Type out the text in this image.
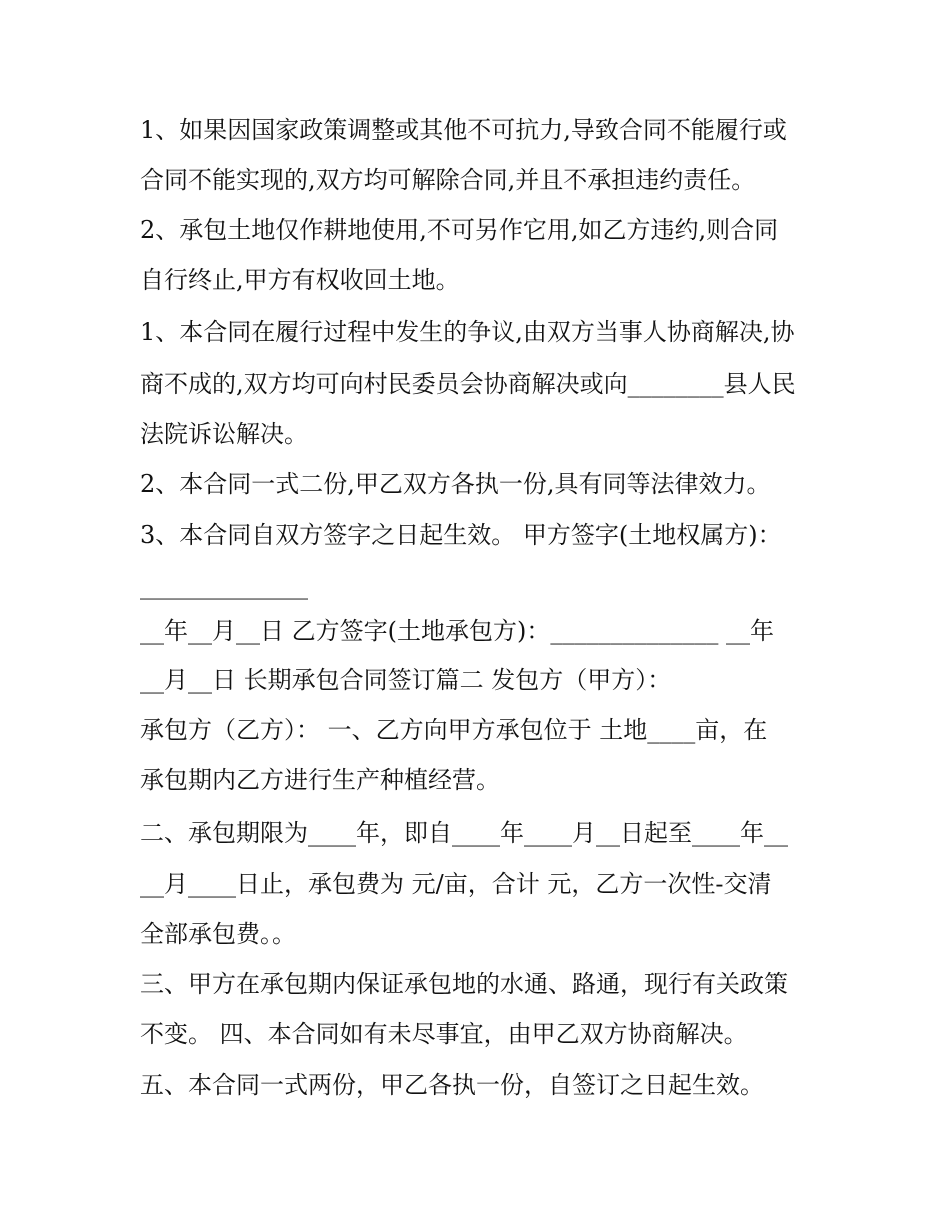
1、如果因国家政策调整或其他不可抗力,导致合同不能履行或
合同不能实现的,双方均可解除合同,并且不承担违约责任。
2、承包土地仅作耕地使用,不可另作它用,如乙方违约,则合同
自行终止,甲方有权收回土地。
1、本合同在履行过程中发生的争议,由双方当事人协商解决,协
商不成的,双方均可向村民委员会协商解决或向________县人民
法院诉讼解决。
2、本合同一式二份,甲乙双方各执一份,具有同等法律效力。
3、本合同自双方签字之日起生效。 甲方签字(土地权属方)：
______________
__年__月__日 乙方签字(土地承包方)：______________ __年
__月__日 长期承包合同签订篇二 发包方（甲方）：
承包方（乙方）： 一、乙方向甲方承包位于 土地____亩，在
承包期内乙方进行生产种植经营。
二、承包期限为____年，即自____年____月__日起至____年__
__月____日止，承包费为 元/亩，合计 元，乙方一次性-交清
全部承包费。。
三、甲方在承包期内保证承包地的水通、路通，现行有关政策
不变。 四、本合同如有未尽事宜，由甲乙双方协商解决。
五、本合同一式两份，甲乙各执一份，自签订之日起生效。
